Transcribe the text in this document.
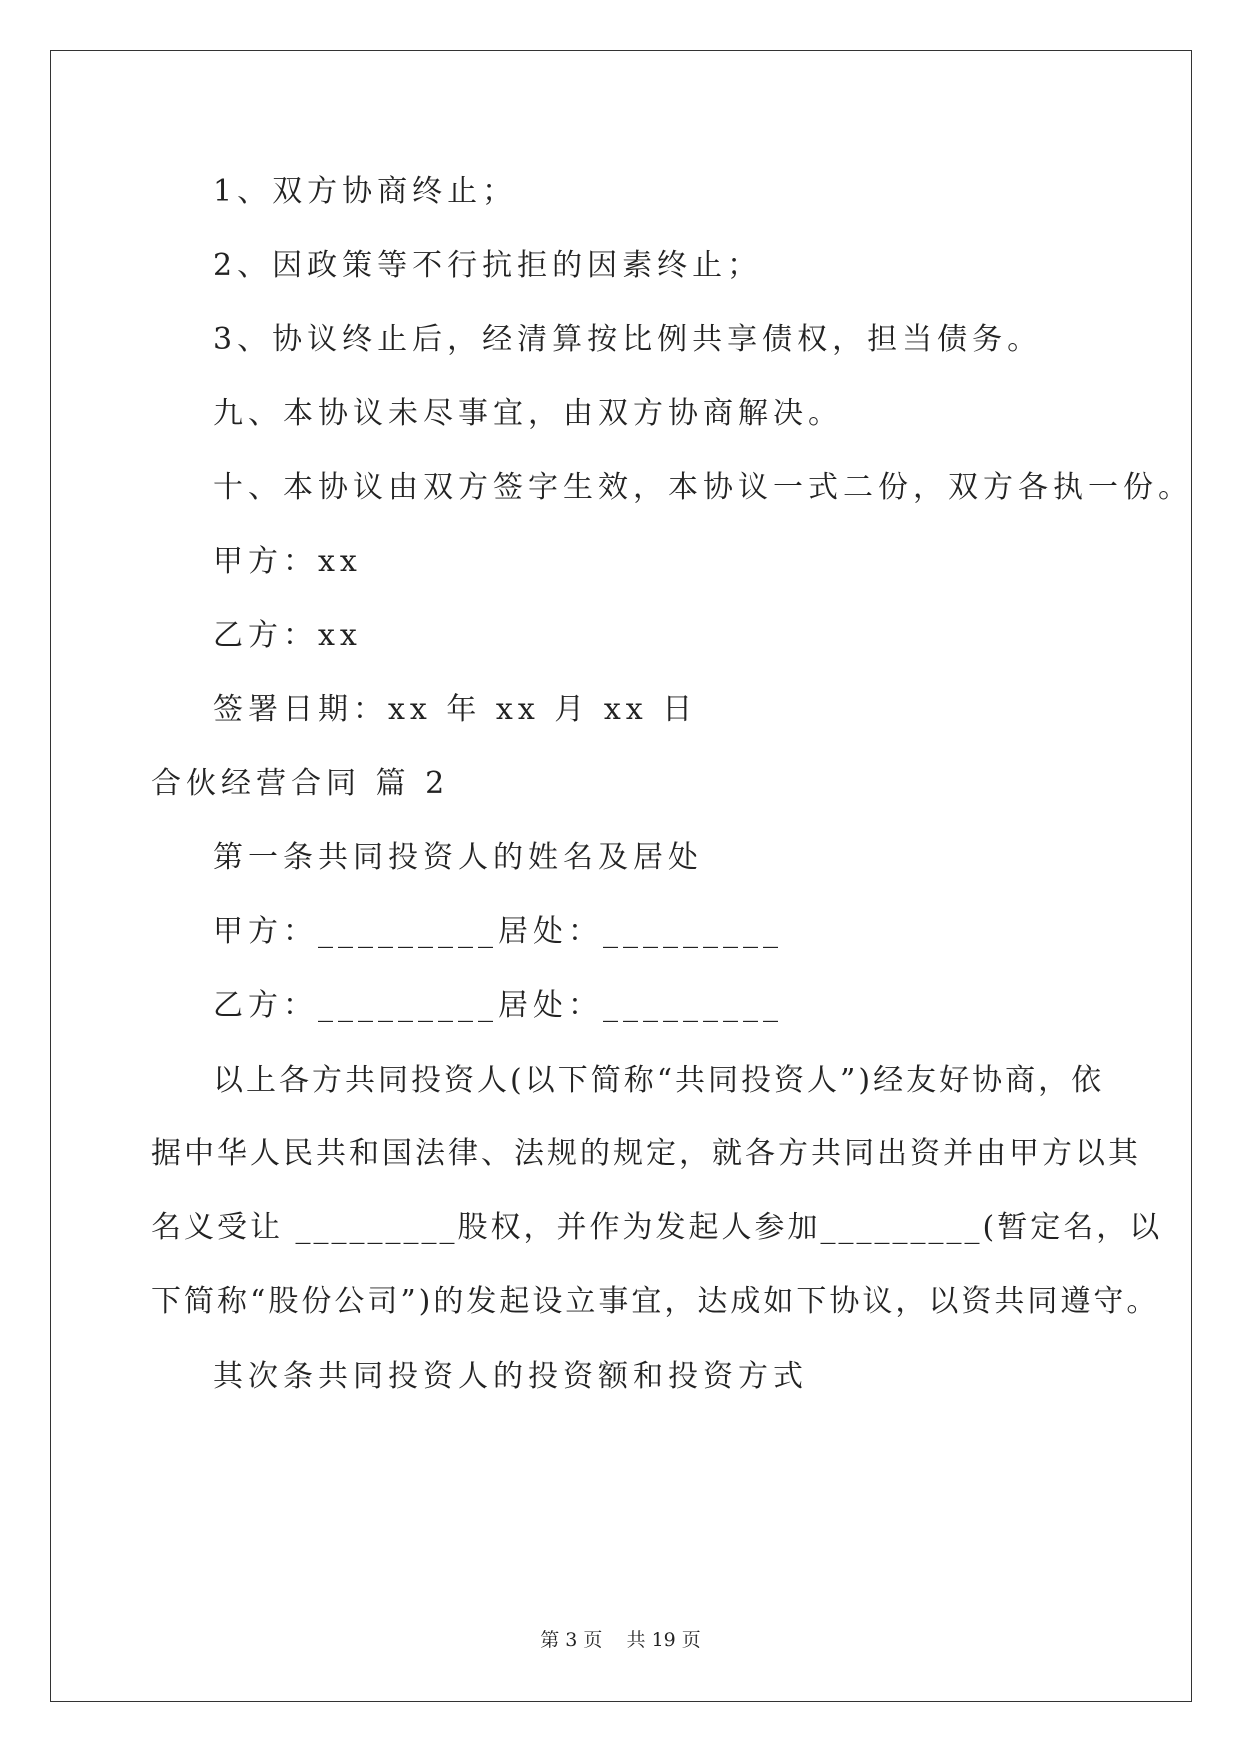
1、双方协商终止；
2、因政策等不行抗拒的因素终止；
3、协议终止后，经清算按比例共享债权，担当债务。
九、本协议未尽事宜，由双方协商解决。
十、本协议由双方签字生效，本协议一式二份，双方各执一份。
甲方：xx
乙方：xx
签署日期：xx 年 xx 月 xx 日
合伙经营合同 篇 2
第一条共同投资人的姓名及居处
甲方：_________居处：_________
乙方：_________居处：_________
以上各方共同投资人(以下简称“共同投资人”)经友好协商，依
据中华人民共和国法律、法规的规定，就各方共同出资并由甲方以其
名义受让 _________股权，并作为发起人参加_________(暂定名，以
下简称“股份公司”)的发起设立事宜，达成如下协议，以资共同遵守。
其次条共同投资人的投资额和投资方式
第 3 页    共 19 页
